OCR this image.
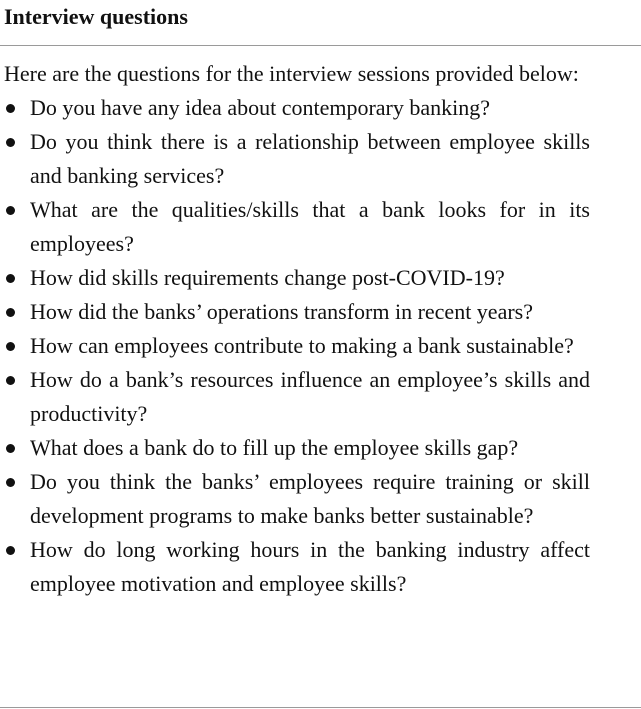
Interview questions

Here are the questions for the interview sessions provided below:

Do you have any idea about contemporary banking?
Do you think there is a relationship between employee skills and banking services?
What are the qualities/skills that a bank looks for in its employees?
How did skills requirements change post-COVID-19?
How did the banks’ operations transform in recent years?
How can employees contribute to making a bank sustainable?
How do a bank’s resources influence an employee’s skills and productivity?
What does a bank do to fill up the employee skills gap?
Do you think the banks’ employees require training or skill development programs to make banks better sustainable?
How do long working hours in the banking industry affect employee motivation and employee skills?
